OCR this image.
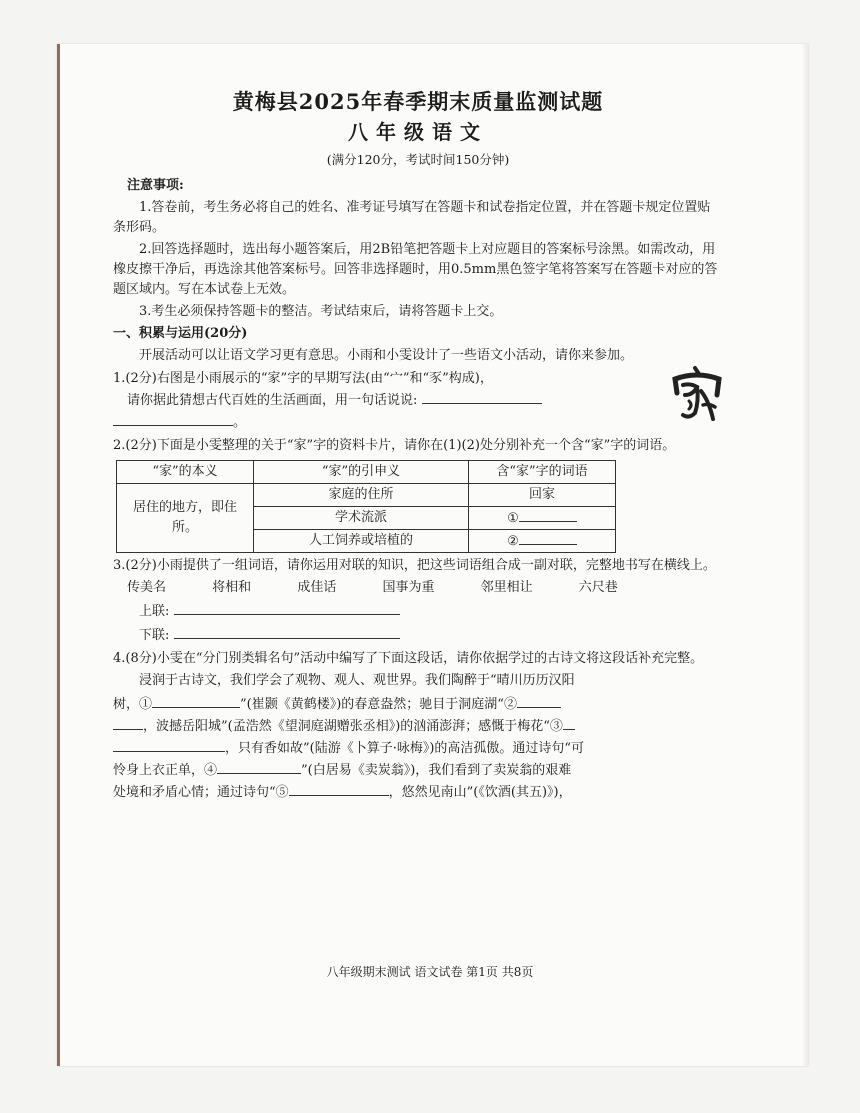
黄梅县2025年春季期末质量监测试题
八年级语文
(满分120分，考试时间150分钟)
注意事项:
1.答卷前，考生务必将自己的姓名、准考证号填写在答题卡和试卷指定位置，并在答题卡规定位置贴条形码。
2.回答选择题时，选出每小题答案后，用2B铅笔把答题卡上对应题目的答案标号涂黑。如需改动，用橡皮擦干净后，再选涂其他答案标号。回答非选择题时，用0.5mm黑色签字笔将答案写在答题卡对应的答题区域内。写在本试卷上无效。
3.考生必须保持答题卡的整洁。考试结束后，请将答题卡上交。
一、积累与运用(20分)
开展活动可以让语文学习更有意思。小雨和小雯设计了一些语文小活动，请你来参加。
1.(2分)右图是小雨展示的“家”字的早期写法(由“宀”和“豕”构成)，
请你据此猜想古代百姓的生活画面，用一句话说说:
。
2.(2分)下面是小雯整理的关于“家”字的资料卡片，请你在(1)(2)处分别补充一个含“家”字的词语。
“家”的本义	“家”的引申义	含“家”字的词语
居住的地方，即住所。	家庭的住所	回家
	学术流派	①
	人工饲养或培植的	②
3.(2分)小雨提供了一组词语，请你运用对联的知识，把这些词语组合成一副对联，完整地书写在横线上。
传美名	将相和	成佳话	国事为重	邻里相让	六尺巷
上联:
下联:
4.(8分)小雯在“分门别类辑名句”活动中编写了下面这段话，请你依据学过的古诗文将这段话补充完整。
浸润于古诗文，我们学会了观物、观人、观世界。我们陶醉于“晴川历历汉阳
树，①	”(崔颢《黄鹤楼》)的春意盎然；驰目于洞庭湖“②
，波撼岳阳城”(孟浩然《望洞庭湖赠张丞相》)的汹涌澎湃；感慨于梅花“③
，只有香如故”(陆游《卜算子·咏梅》)的高洁孤傲。通过诗句“可
怜身上衣正单，④	”(白居易《卖炭翁》)，我们看到了卖炭翁的艰难
处境和矛盾心情；通过诗句“⑤	，悠然见南山”(《饮酒(其五)》)，
八年级期末测试 语文试卷 第1页 共8页
